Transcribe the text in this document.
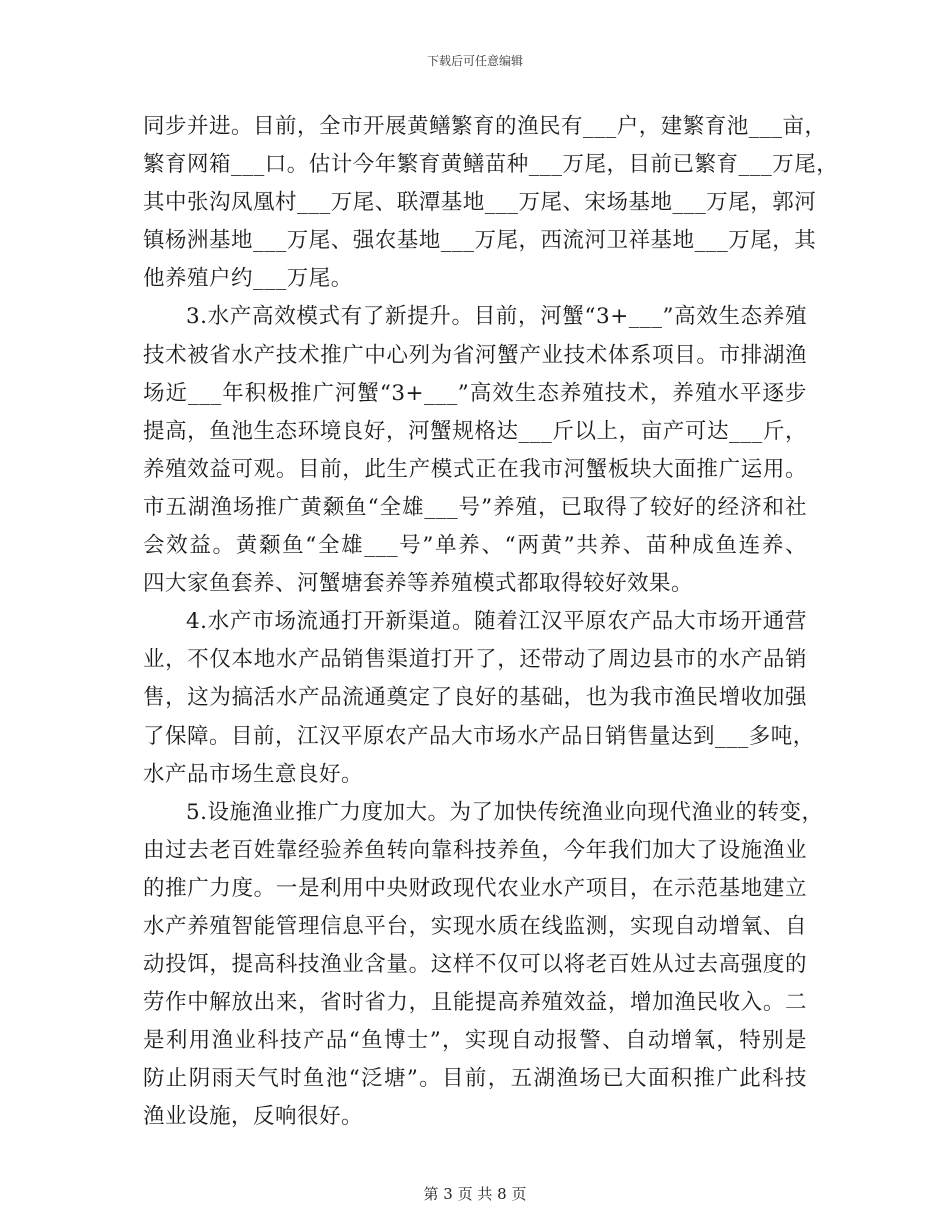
下载后可任意编辑
同步并进。目前，全市开展黄鳝繁育的渔民有___户，建繁育池___亩，
繁育网箱___口。估计今年繁育黄鳝苗种___万尾，目前已繁育___万尾，
其中张沟凤凰村___万尾、联潭基地___万尾、宋场基地___万尾，郭河
镇杨洲基地___万尾、强农基地___万尾，西流河卫祥基地___万尾，其
他养殖户约___万尾。
3.水产高效模式有了新提升。目前，河蟹“3+___”高效生态养殖
技术被省水产技术推广中心列为省河蟹产业技术体系项目。市排湖渔
场近___年积极推广河蟹“3+___”高效生态养殖技术，养殖水平逐步
提高，鱼池生态环境良好，河蟹规格达___斤以上，亩产可达___斤，
养殖效益可观。目前，此生产模式正在我市河蟹板块大面推广运用。
市五湖渔场推广黄颡鱼“全雄___号”养殖，已取得了较好的经济和社
会效益。黄颡鱼“全雄___号”单养、“两黄”共养、苗种成鱼连养、
四大家鱼套养、河蟹塘套养等养殖模式都取得较好效果。
4.水产市场流通打开新渠道。随着江汉平原农产品大市场开通营
业，不仅本地水产品销售渠道打开了，还带动了周边县市的水产品销
售，这为搞活水产品流通奠定了良好的基础，也为我市渔民增收加强
了保障。目前，江汉平原农产品大市场水产品日销售量达到___多吨，
水产品市场生意良好。
5.设施渔业推广力度加大。为了加快传统渔业向现代渔业的转变，
由过去老百姓靠经验养鱼转向靠科技养鱼，今年我们加大了设施渔业
的推广力度。一是利用中央财政现代农业水产项目，在示范基地建立
水产养殖智能管理信息平台，实现水质在线监测，实现自动增氧、自
动投饵，提高科技渔业含量。这样不仅可以将老百姓从过去高强度的
劳作中解放出来，省时省力，且能提高养殖效益，增加渔民收入。二
是利用渔业科技产品“鱼博士”，实现自动报警、自动增氧，特别是
防止阴雨天气时鱼池“泛塘”。目前，五湖渔场已大面积推广此科技
渔业设施，反响很好。
第 3 页 共 8 页
